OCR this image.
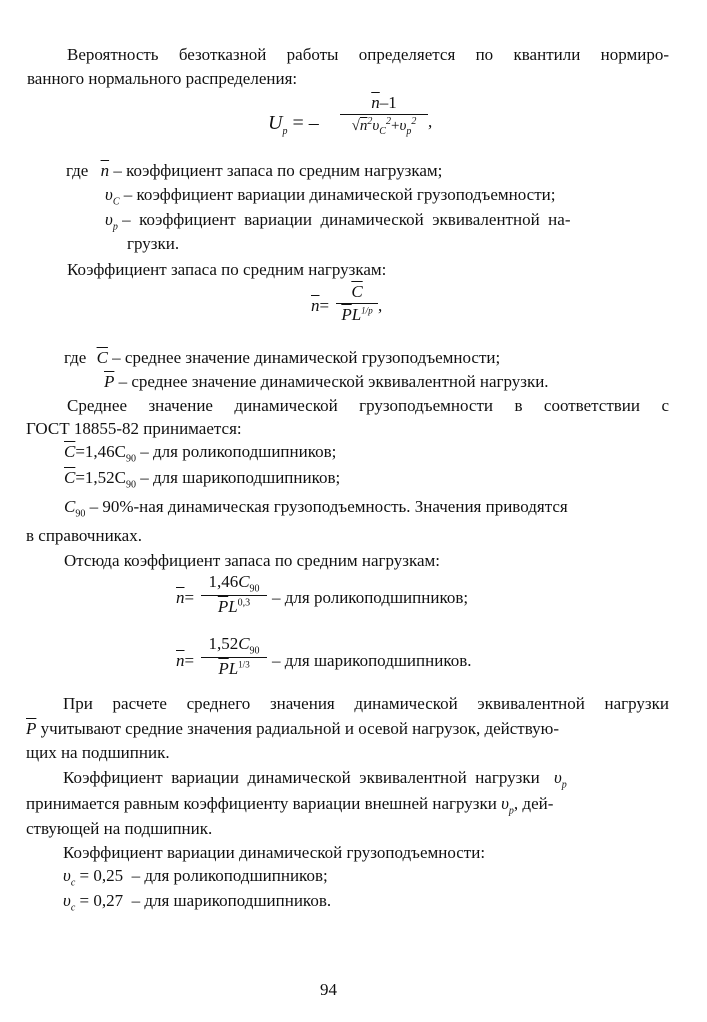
Вероятность безотказной работы определяется по квантили нормиро-
ванного нормального распределения:
$U_p$ = –
$\overline{n}-1$
$√n^2\upsilon_C^2+\upsilon_p^2$ ,
где $\overline{n}$ – коэффициент запаса по средним нагрузкам;
$\upsilon_C$ – коэффициент вариации динамической грузоподъемности;
$\upsilon_p$ –  коэффициент  вариации  динамической  эквивалентной  на-
грузки.
Коэффициент запаса по средним нагрузкам:
$\overline{n}=$
$\overline{C}$
$\overline{P}L^{1/p}$ ,
где $\overline{C}$ – среднее значение динамической грузоподъемности;
$\overline{P}$ – среднее значение динамической эквивалентной нагрузки.
Среднее значение динамической грузоподъемности в соответствии с
ГОСТ 18855-82 принимается:
$\overline{C}=1,46C_{90}$ – для роликоподшипников;
$\overline{C}=1,52C_{90}$ – для шарикоподшипников;
$C_{90} - 90\%-ная$ динамическая грузоподъемность. Значения приводятся
в справочниках.
Отсюда коэффициент запаса по средним нагрузкам:
$\overline{n}=$
$1,46C_{90}$
$\overline{P}L^{0,3}$	– для роликоподшипников;
$\overline{n}=$
$1,52C_{90}$
$\overline{P}L^{1/3}$	– для шарикоподшипников.
При расчете среднего значения динамической эквивалентной нагрузки
$\overline{P}$ учитывают средние значения радиальной и осевой нагрузок, действую-
щих на подшипник.
Коэффициент  вариации  динамической  эквивалентной  нагрузки $\upsilon_p$
принимается равным коэффициенту вариации внешней нагрузки $\upsilon_p$, дей-
ствующей на подшипник.
Коэффициент вариации динамической грузоподъемности:
$\upsilon_c = 0,25$  – для роликоподшипников;
$\upsilon_c = 0,27$  – для шарикоподшипников.
94
